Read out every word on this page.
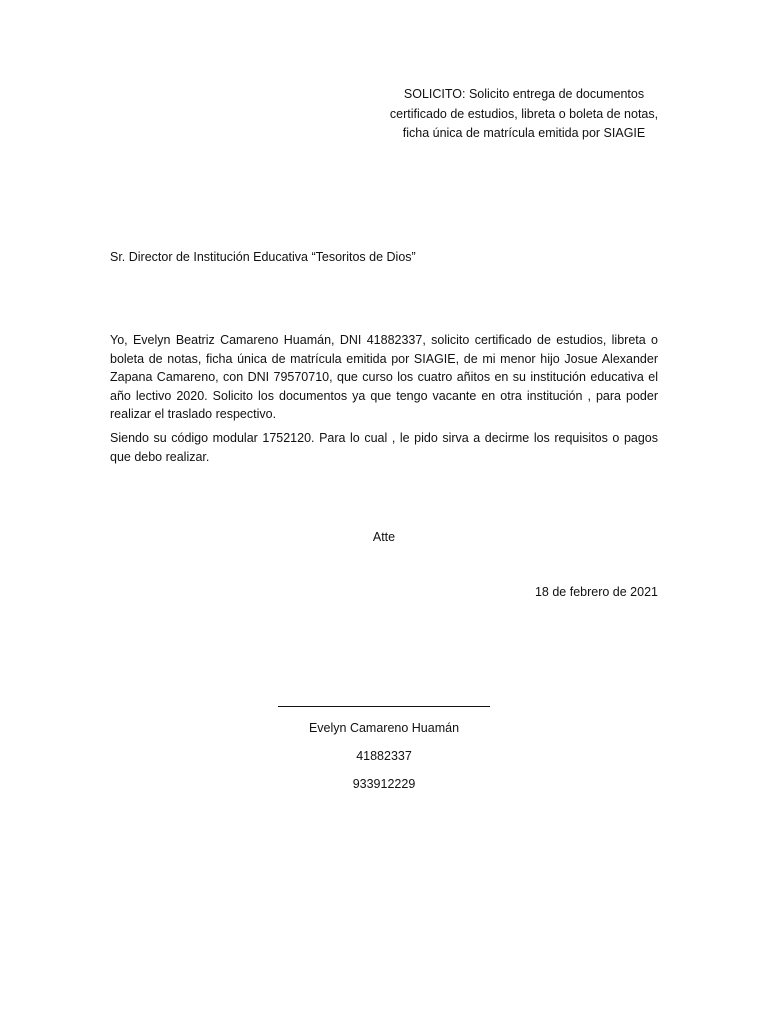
SOLICITO: Solicito entrega de documentos certificado de estudios, libreta o boleta de notas, ficha única de matrícula emitida por SIAGIE
Sr. Director de Institución Educativa “Tesoritos de Dios”
Yo, Evelyn Beatriz Camareno Huamán, DNI 41882337, solicito certificado de estudios, libreta o boleta de notas, ficha única de matrícula emitida por SIAGIE, de mi menor hijo Josue Alexander Zapana Camareno, con DNI 79570710, que curso los cuatro añitos en su institución educativa el año lectivo 2020. Solicito los documentos ya que tengo vacante en otra institución , para poder realizar el traslado respectivo.
Siendo su código modular 1752120. Para lo cual , le pido sirva a decirme los requisitos o pagos que debo realizar.
Atte
18 de febrero de 2021
Evelyn Camareno Huamán
41882337
933912229
